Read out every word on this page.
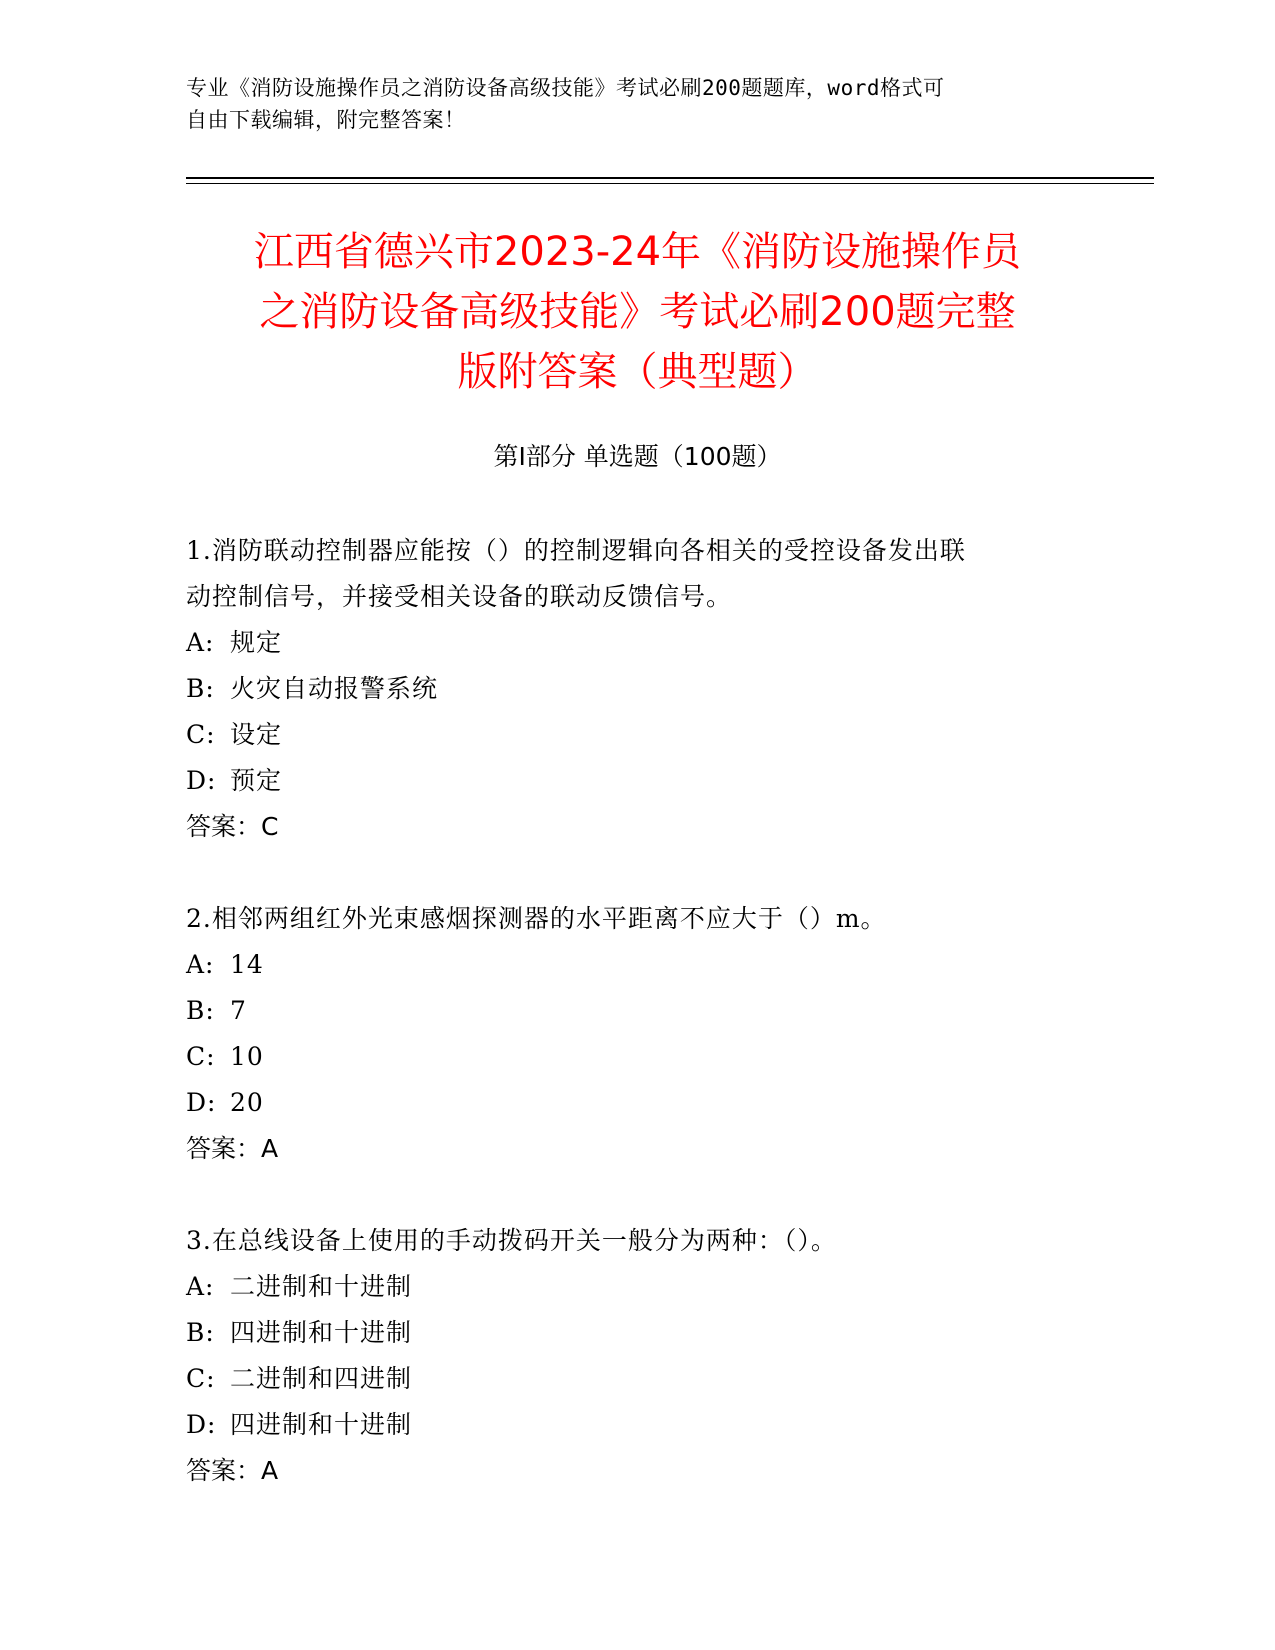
专业《消防设施操作员之消防设备高级技能》考试必刷200题题库，word格式可
自由下载编辑，附完整答案！
江西省德兴市2023-24年《消防设施操作员
之消防设备高级技能》考试必刷200题完整
版附答案（典型题）
第Ⅰ部分 单选题（100题）
1.消防联动控制器应能按（）的控制逻辑向各相关的受控设备发出联
动控制信号，并接受相关设备的联动反馈信号。
A: 规定
B: 火灾自动报警系统
C: 设定
D: 预定
答案：C
2.相邻两组红外光束感烟探测器的水平距离不应大于（）m。
A: 14
B: 7
C: 10
D: 20
答案：A
3.在总线设备上使用的手动拨码开关一般分为两种：（）。
A: 二进制和十进制
B: 四进制和十进制
C: 二进制和四进制
D: 四进制和十进制
答案：A
